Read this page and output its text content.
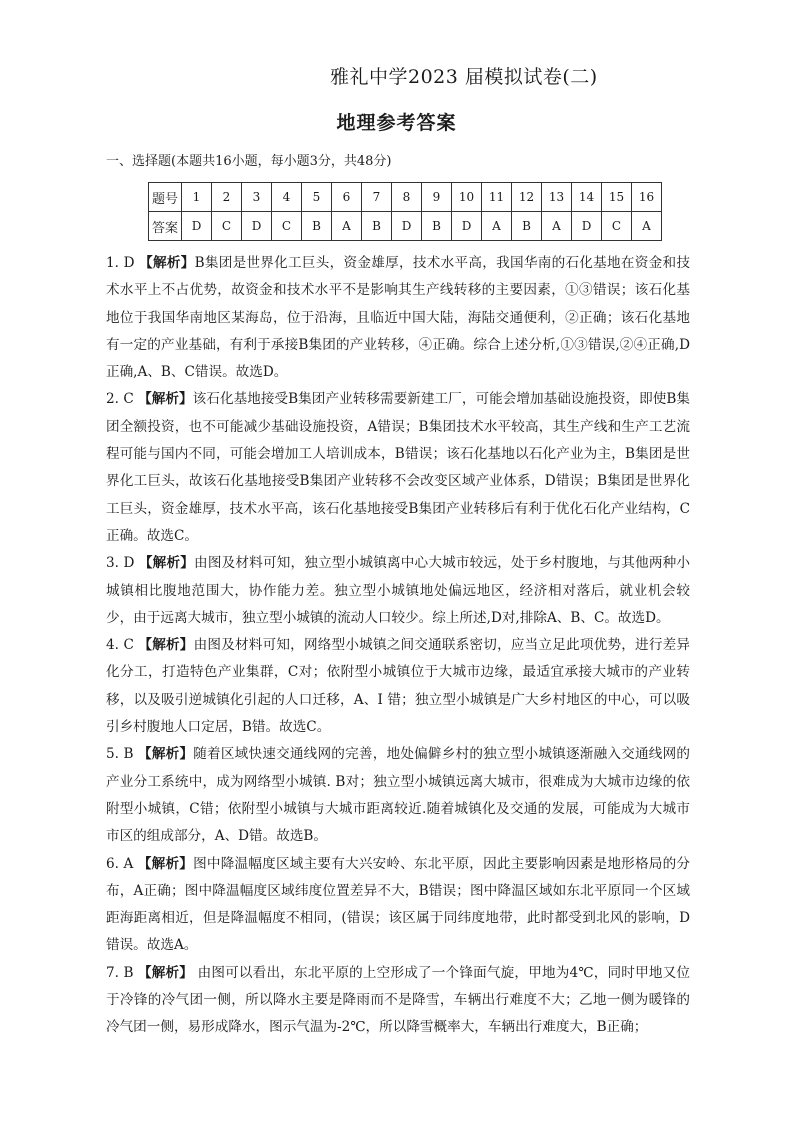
雅礼中学2023 届模拟试卷(二)
地理参考答案
一、选择题(本题共16小题，每小题3分，共48分)
题号	1	2	3	4	5	6	7	8	9	10	11	12	13	14	15	16
答案	D	C	D	C	B	A	B	D	B	D	A	B	A	D	C	A

1. D 【解析】B集团是世界化工巨头，资金雄厚，技术水平高，我国华南的石化基地在资金和技术水平上不占优势，故资金和技术水平不是影响其生产线转移的主要因素，①③错误；该石化基地位于我国华南地区某海岛，位于沿海，且临近中国大陆，海陆交通便利，②正确；该石化基地有一定的产业基础，有利于承接B集团的产业转移，④正确。综合上述分析,①③错误,②④正确,D正确,A、B、C错误。故选D。

2. C 【解析】该石化基地接受B集团产业转移需要新建工厂，可能会增加基础设施投资，即使B集团全额投资，也不可能减少基础设施投资，A错误；B集团技术水平较高，其生产线和生产工艺流程可能与国内不同，可能会增加工人培训成本，B错误；该石化基地以石化产业为主，B集团是世界化工巨头，故该石化基地接受B集团产业转移不会改变区域产业体系，D错误；B集团是世界化工巨头，资金雄厚，技术水平高，该石化基地接受B集团产业转移后有利于优化石化产业结构，C正确。故选C。

3. D 【解析】由图及材料可知，独立型小城镇离中心大城市较远，处于乡村腹地，与其他两种小城镇相比腹地范围大，协作能力差。独立型小城镇地处偏远地区，经济相对落后，就业机会较少，由于远离大城市，独立型小城镇的流动人口较少。综上所述,D对,排除A、B、C。故选D。

4. C 【解析】由图及材料可知，网络型小城镇之间交通联系密切，应当立足此项优势，进行差异化分工，打造特色产业集群，C对；依附型小城镇位于大城市边缘，最适宜承接大城市的产业转移，以及吸引逆城镇化引起的人口迁移，A、I 错；独立型小城镇是广大乡村地区的中心，可以吸引乡村腹地人口定居，B错。故选C。

5. B 【解析】随着区域快速交通线网的完善，地处偏僻乡村的独立型小城镇逐渐融入交通线网的产业分工系统中，成为网络型小城镇. B对；独立型小城镇远离大城市，很难成为大城市边缘的依附型小城镇，C错；依附型小城镇与大城市距离较近.随着城镇化及交通的发展，可能成为大城市市区的组成部分，A、D错。故选B。

6. A 【解析】图中降温幅度区域主要有大兴安岭、东北平原，因此主要影响因素是地形格局的分布，A正确；图中降温幅度区域纬度位置差异不大，B错误；图中降温区域如东北平原同一个区域距海距离相近，但是降温幅度不相同，(错误；该区属于同纬度地带，此时都受到北风的影响，D错误。故选A。

7. B 【解析】 由图可以看出，东北平原的上空形成了一个锋面气旋，甲地为4℃，同时甲地又位于冷锋的冷气团一侧，所以降水主要是降雨而不是降雪，车辆出行难度不大；乙地一侧为暖锋的冷气团一侧，易形成降水，图示气温为-2℃，所以降雪概率大，车辆出行难度大，B正确；
